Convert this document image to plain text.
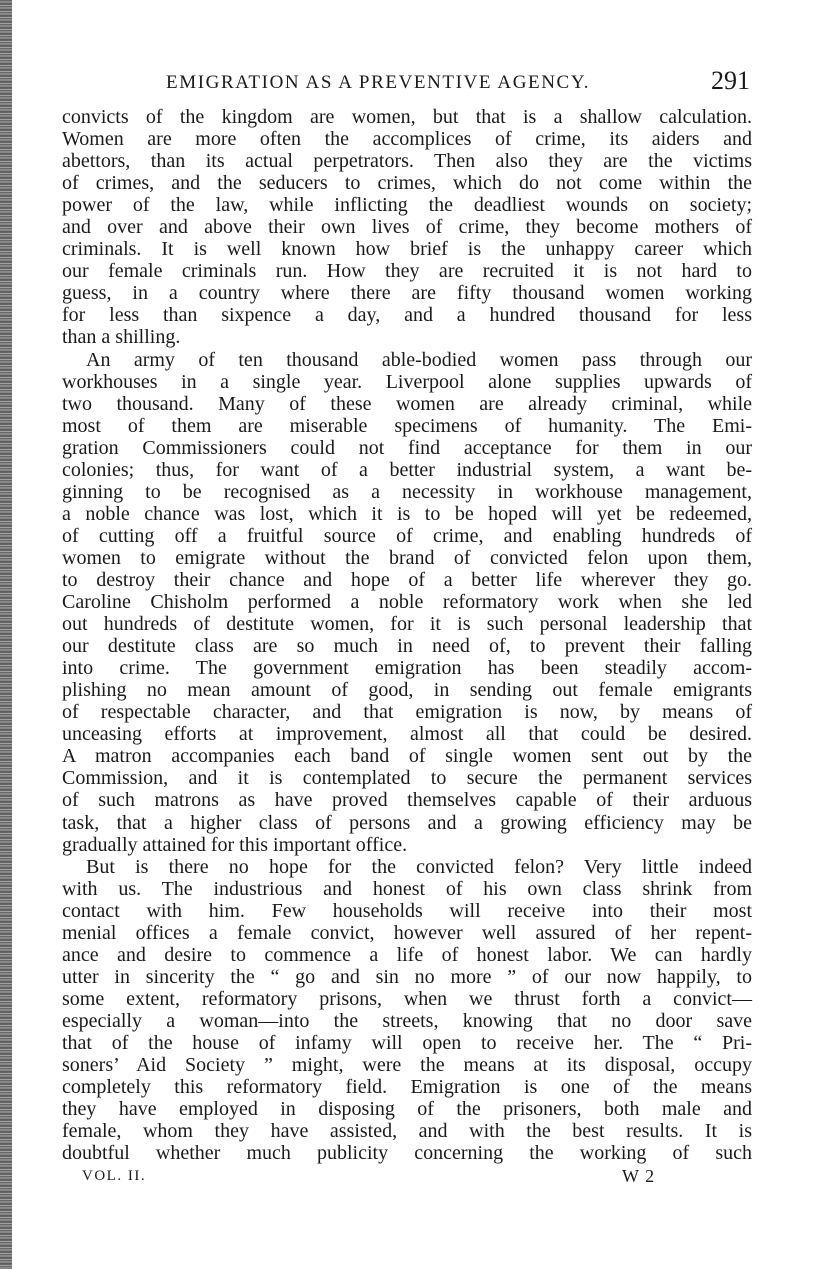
EMIGRATION AS A PREVENTIVE AGENCY.	291
convicts of the kingdom are women, but that is a shallow calculation.
Women are more often the accomplices of crime, its aiders and
abettors, than its actual perpetrators. Then also they are the victims
of crimes, and the seducers to crimes, which do not come within the
power of the law, while inflicting the deadliest wounds on society;
and over and above their own lives of crime, they become mothers of
criminals. It is well known how brief is the unhappy career which
our female criminals run. How they are recruited it is not hard to
guess, in a country where there are fifty thousand women working
for less than sixpence a day, and a hundred thousand for less
than a shilling.
An army of ten thousand able-bodied women pass through our
workhouses in a single year. Liverpool alone supplies upwards of
two thousand. Many of these women are already criminal, while
most of them are miserable specimens of humanity. The Emi-
gration Commissioners could not find acceptance for them in our
colonies; thus, for want of a better industrial system, a want be-
ginning to be recognised as a necessity in workhouse management,
a noble chance was lost, which it is to be hoped will yet be redeemed,
of cutting off a fruitful source of crime, and enabling hundreds of
women to emigrate without the brand of convicted felon upon them,
to destroy their chance and hope of a better life wherever they go.
Caroline Chisholm performed a noble reformatory work when she led
out hundreds of destitute women, for it is such personal leadership that
our destitute class are so much in need of, to prevent their falling
into crime. The government emigration has been steadily accom-
plishing no mean amount of good, in sending out female emigrants
of respectable character, and that emigration is now, by means of
unceasing efforts at improvement, almost all that could be desired.
A matron accompanies each band of single women sent out by the
Commission, and it is contemplated to secure the permanent services
of such matrons as have proved themselves capable of their arduous
task, that a higher class of persons and a growing efficiency may be
gradually attained for this important office.
But is there no hope for the convicted felon? Very little indeed
with us. The industrious and honest of his own class shrink from
contact with him. Few households will receive into their most
menial offices a female convict, however well assured of her repent-
ance and desire to commence a life of honest labor. We can hardly
utter in sincerity the “ go and sin no more ” of our now happily, to
some extent, reformatory prisons, when we thrust forth a convict—
especially a woman—into the streets, knowing that no door save
that of the house of infamy will open to receive her. The “ Pri-
soners’ Aid Society ” might, were the means at its disposal, occupy
completely this reformatory field. Emigration is one of the means
they have employed in disposing of the prisoners, both male and
female, whom they have assisted, and with the best results. It is
doubtful whether much publicity concerning the working of such
VOL. II.	W 2
